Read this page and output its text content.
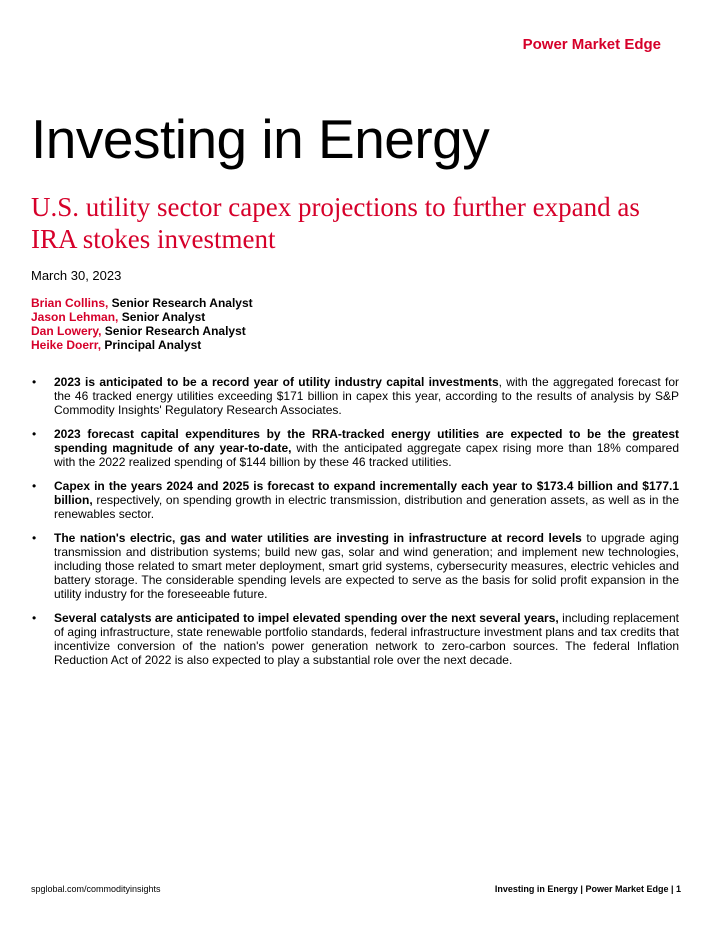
Power Market Edge

Investing in Energy
U.S. utility sector capex projections to further expand as IRA stokes investment

March 30, 2023

Brian Collins, Senior Research Analyst
Jason Lehman, Senior Analyst
Dan Lowery, Senior Research Analyst
Heike Doerr, Principal Analyst
• 2023 is anticipated to be a record year of utility industry capital investments, with the aggregated forecast for the 46 tracked energy utilities exceeding $171 billion in capex this year, according to the results of analysis by S&P Commodity Insights' Regulatory Research Associates.
• 2023 forecast capital expenditures by the RRA-tracked energy utilities are expected to be the greatest spending magnitude of any year-to-date, with the anticipated aggregate capex rising more than 18% compared with the 2022 realized spending of $144 billion by these 46 tracked utilities.
• Capex in the years 2024 and 2025 is forecast to expand incrementally each year to $173.4 billion and $177.1 billion, respectively, on spending growth in electric transmission, distribution and generation assets, as well as in the renewables sector.
• The nation's electric, gas and water utilities are investing in infrastructure at record levels to upgrade aging transmission and distribution systems; build new gas, solar and wind generation; and implement new technologies, including those related to smart meter deployment, smart grid systems, cybersecurity measures, electric vehicles and battery storage. The considerable spending levels are expected to serve as the basis for solid profit expansion in the utility industry for the foreseeable future.
• Several catalysts are anticipated to impel elevated spending over the next several years, including replacement of aging infrastructure, state renewable portfolio standards, federal infrastructure investment plans and tax credits that incentivize conversion of the nation's power generation network to zero-carbon sources. The federal Inflation Reduction Act of 2022 is also expected to play a substantial role over the next decade.

spglobal.com/commodityinsights	Investing in Energy | Power Market Edge | 1
